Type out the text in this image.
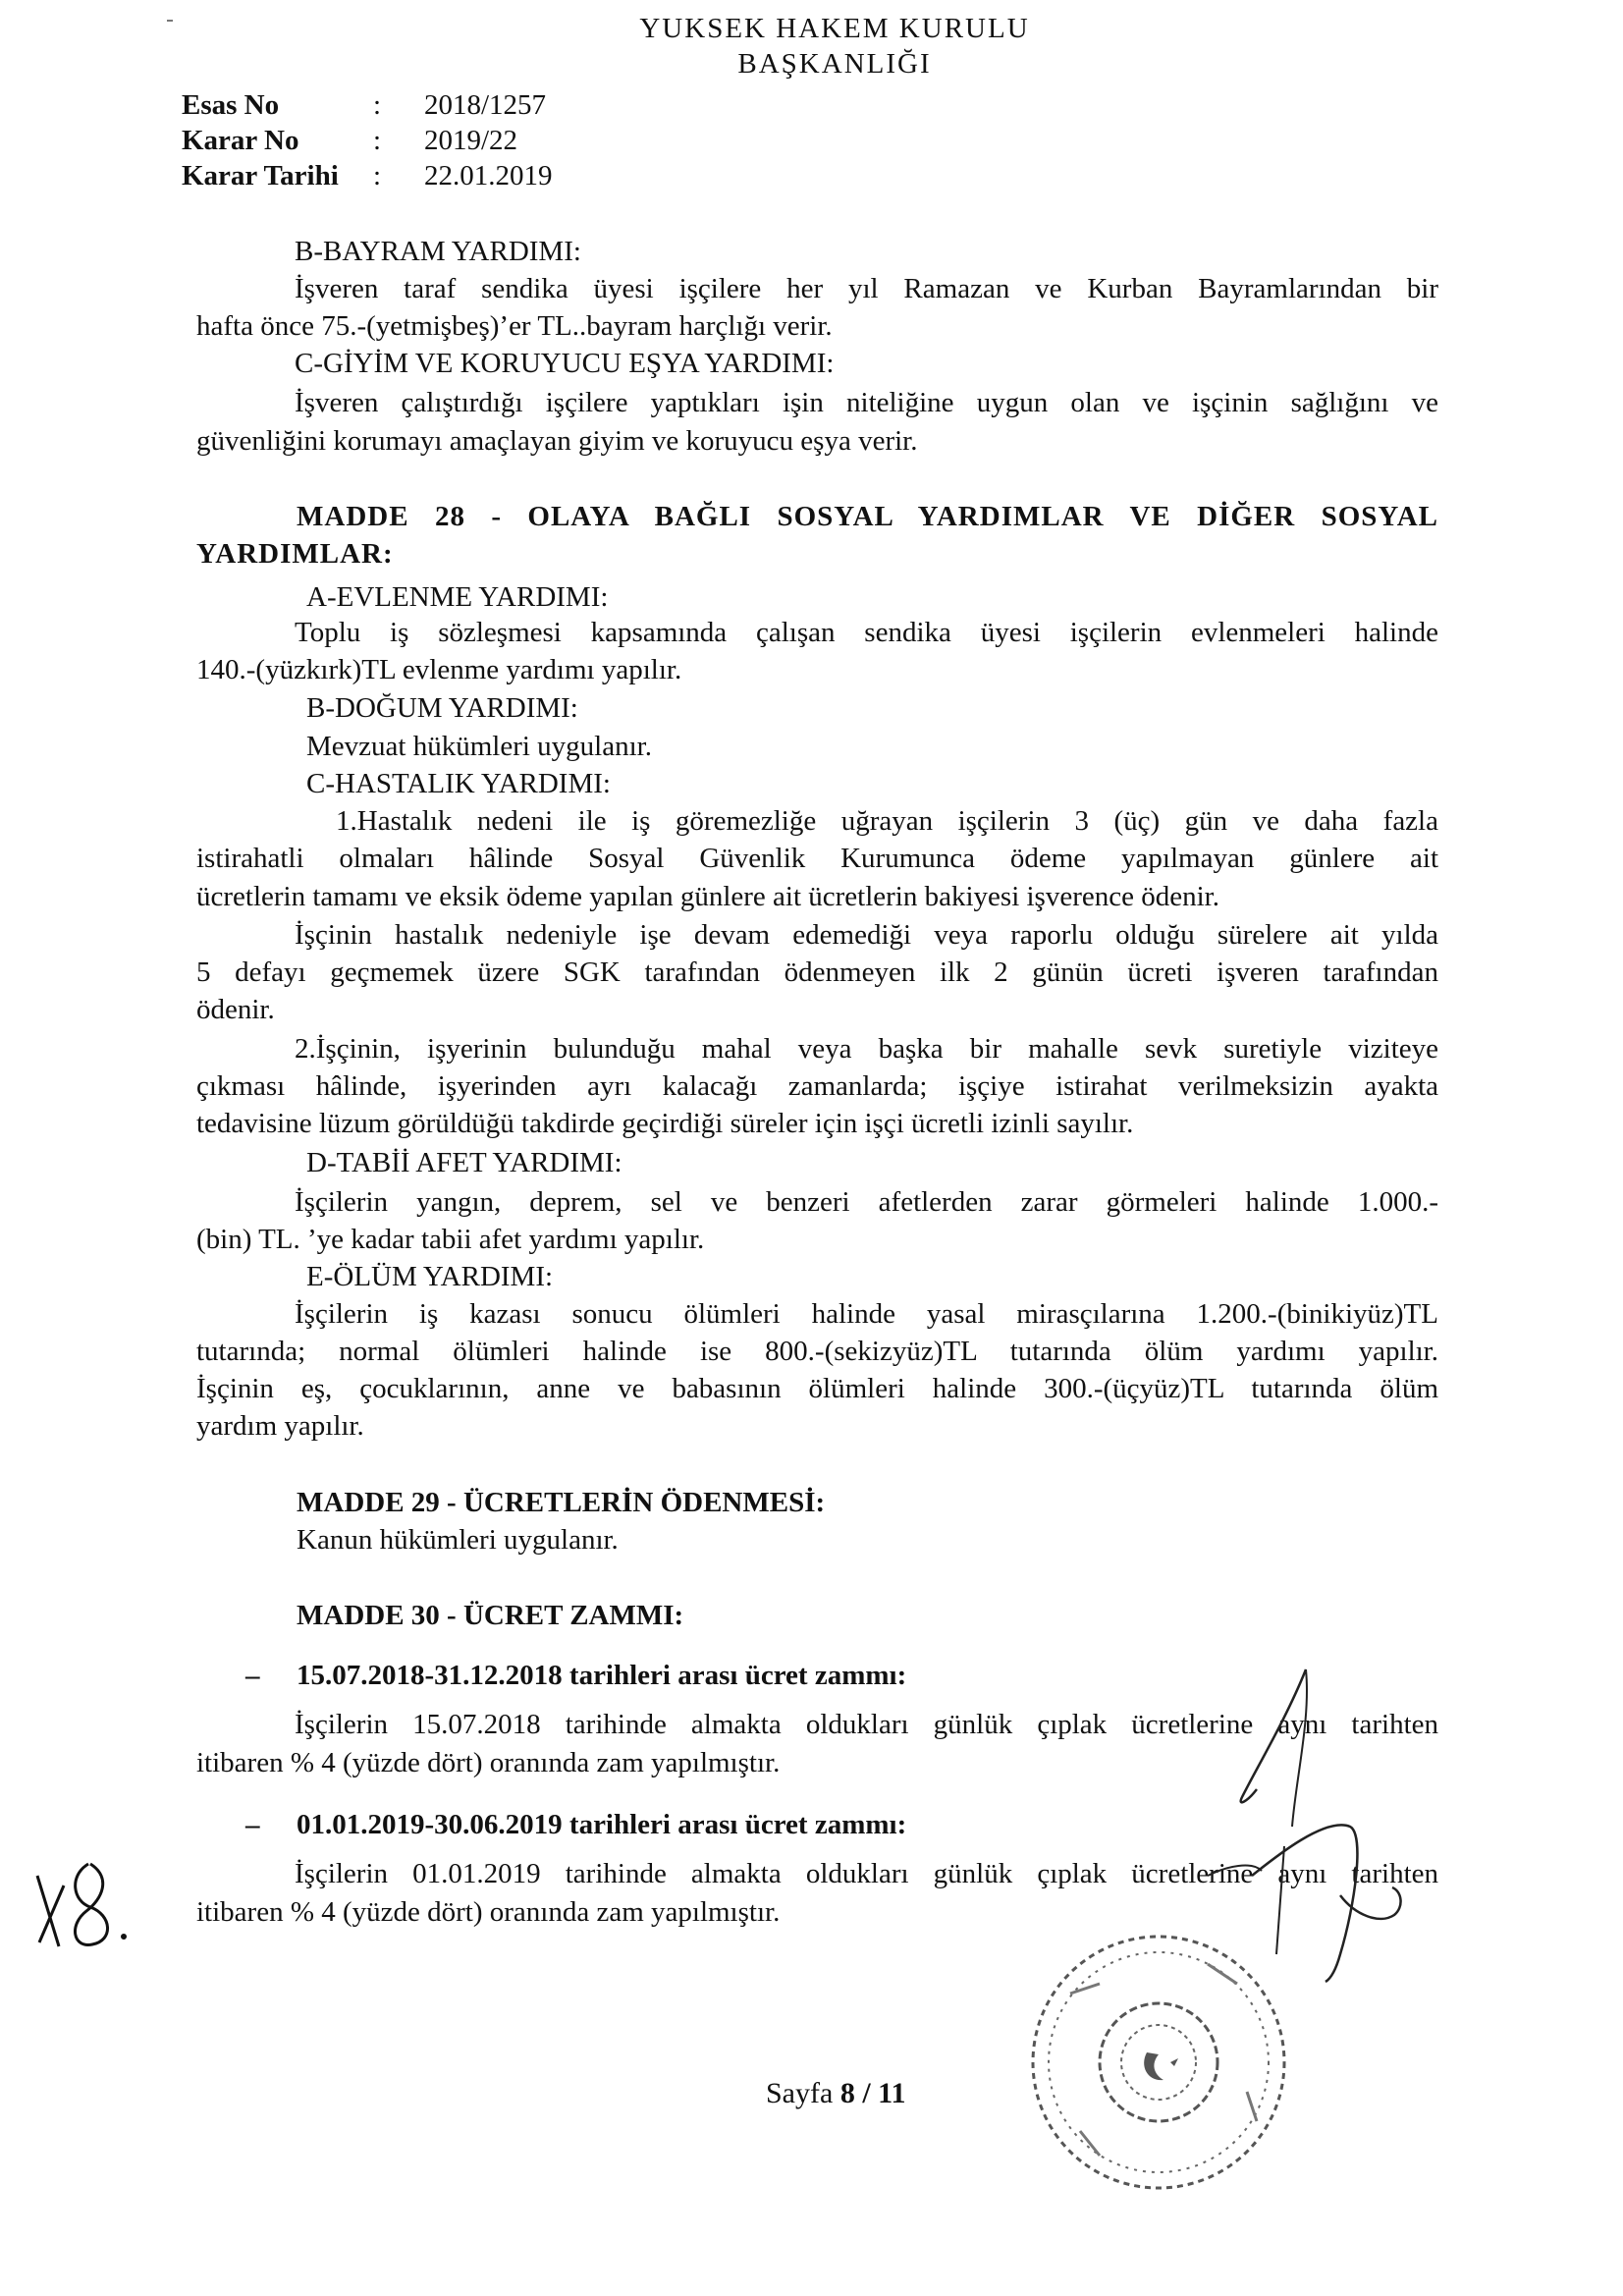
YUKSEK HAKEM KURULU
BAŞKANLIĞI
Esas No	:	2018/1257
Karar No	:	2019/22
Karar Tarihi	:	22.01.2019
B-BAYRAM YARDIMI:
İşveren taraf sendika üyesi işçilere her yıl Ramazan ve Kurban Bayramlarından bir
hafta önce 75.-(yetmişbeş)’er TL..bayram harçlığı verir.
C-GİYİM VE KORUYUCU EŞYA YARDIMI:
İşveren çalıştırdığı işçilere yaptıkları işin niteliğine uygun olan ve işçinin sağlığını ve
güvenliğini korumayı amaçlayan giyim ve koruyucu eşya verir.
MADDE 28 - OLAYA BAĞLI SOSYAL YARDIMLAR VE DİĞER SOSYAL
YARDIMLAR:
A-EVLENME YARDIMI:
Toplu iş sözleşmesi kapsamında çalışan sendika üyesi işçilerin evlenmeleri halinde
140.-(yüzkırk)TL evlenme yardımı yapılır.
B-DOĞUM YARDIMI:
Mevzuat hükümleri uygulanır.
C-HASTALIK YARDIMI:
1.Hastalık nedeni ile iş göremezliğe uğrayan işçilerin 3 (üç) gün ve daha fazla
istirahatli olmaları hâlinde Sosyal Güvenlik Kurumunca ödeme yapılmayan günlere ait
ücretlerin tamamı ve eksik ödeme yapılan günlere ait ücretlerin bakiyesi işverence ödenir.
İşçinin hastalık nedeniyle işe devam edemediği veya raporlu olduğu sürelere ait yılda
5 defayı geçmemek üzere SGK tarafından ödenmeyen ilk 2 günün ücreti işveren tarafından
ödenir.
2.İşçinin, işyerinin bulunduğu mahal veya başka bir mahalle sevk suretiyle viziteye
çıkması hâlinde, işyerinden ayrı kalacağı zamanlarda; işçiye istirahat verilmeksizin ayakta
tedavisine lüzum görüldüğü takdirde geçirdiği süreler için işçi ücretli izinli sayılır.
D-TABİİ AFET YARDIMI:
İşçilerin yangın, deprem, sel ve benzeri afetlerden zarar görmeleri halinde 1.000.-
(bin) TL. ’ye kadar tabii afet yardımı yapılır.
E-ÖLÜM YARDIMI:
İşçilerin iş kazası sonucu ölümleri halinde yasal mirasçılarına 1.200.-(binikiyüz)TL
tutarında; normal ölümleri halinde ise 800.-(sekizyüz)TL tutarında ölüm yardımı yapılır.
İşçinin eş, çocuklarının, anne ve babasının ölümleri halinde 300.-(üçyüz)TL tutarında ölüm
yardım yapılır.
MADDE 29 - ÜCRETLERİN ÖDENMESİ:
Kanun hükümleri uygulanır.
MADDE 30 - ÜCRET ZAMMI:
– 15.07.2018-31.12.2018 tarihleri arası ücret zammı:
İşçilerin 15.07.2018 tarihinde almakta oldukları günlük çıplak ücretlerine aynı tarihten
itibaren % 4 (yüzde dört) oranında zam yapılmıştır.
– 01.01.2019-30.06.2019 tarihleri arası ücret zammı:
İşçilerin 01.01.2019 tarihinde almakta oldukları günlük çıplak ücretlerine aynı tarihten
itibaren % 4 (yüzde dört) oranında zam yapılmıştır.
Sayfa 8 / 11
